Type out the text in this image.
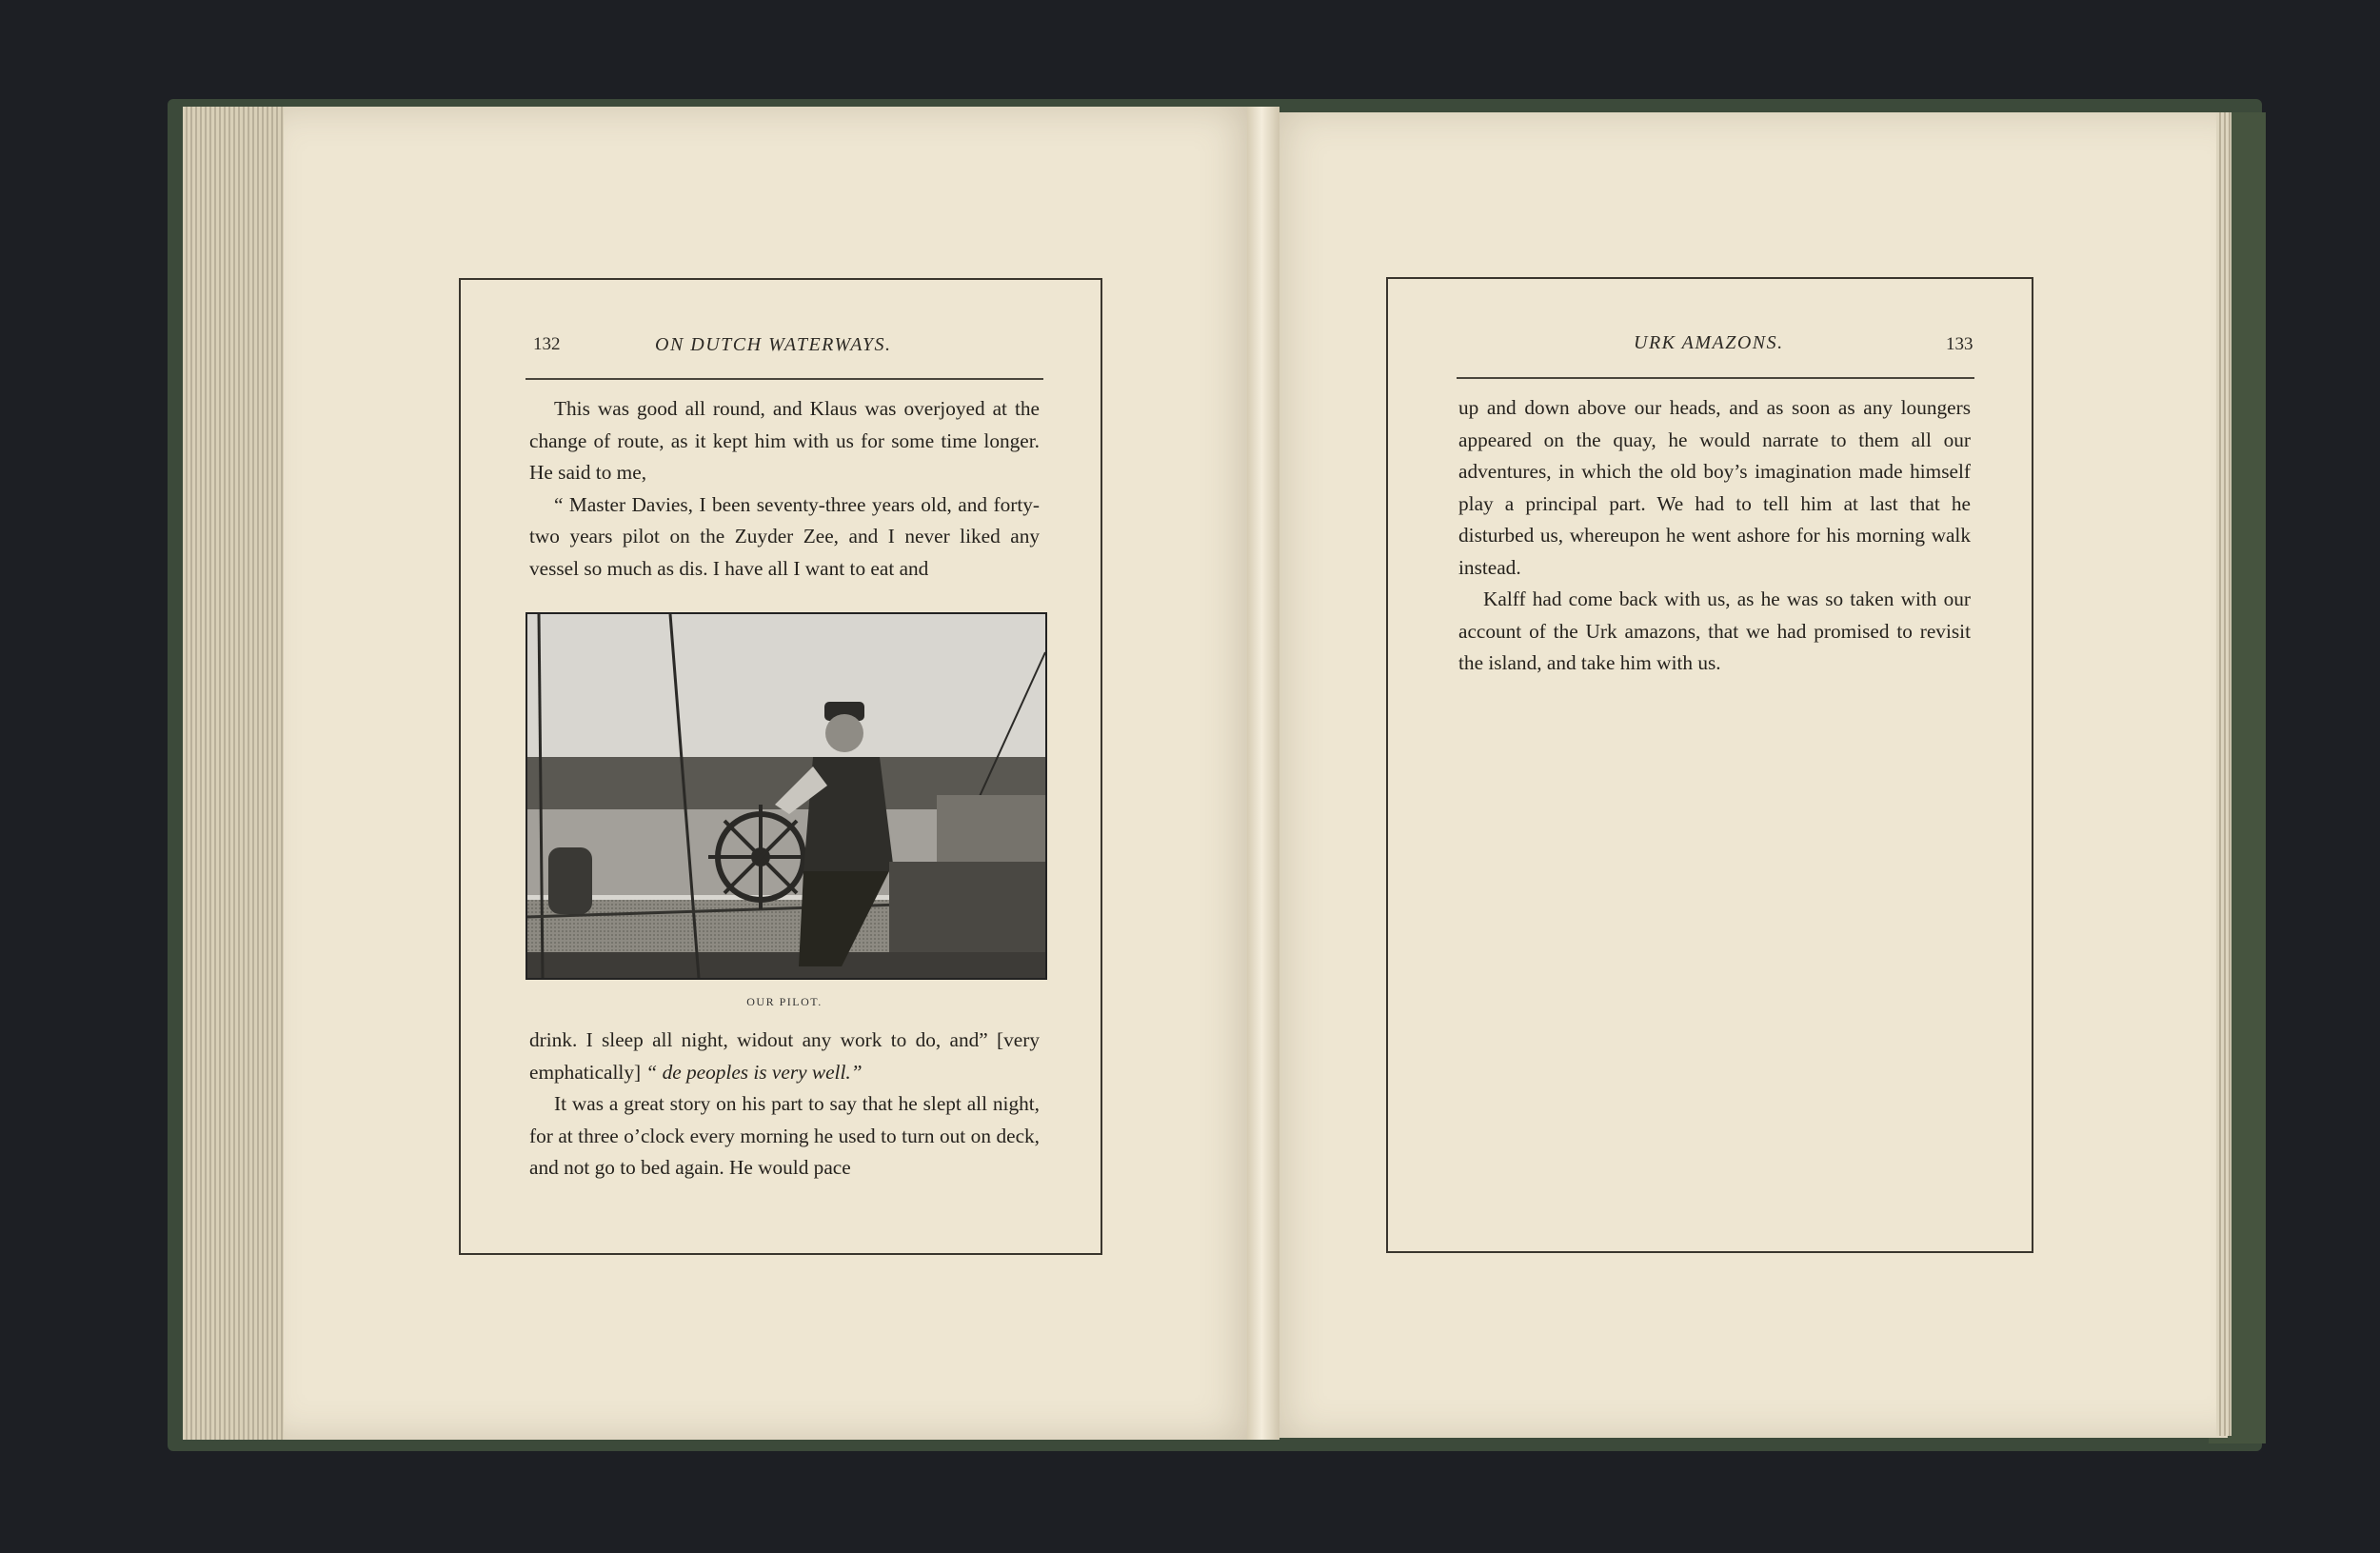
132	ON DUTCH WATERWAYS.

This was good all round, and Klaus was overjoyed at the change of route, as it kept him with us for some time longer. He said to me,

“ Master Davies, I been seventy-three years old, and forty-two years pilot on the Zuyder Zee, and I never liked any vessel so much as dis. I have all I want to eat and

OUR PILOT.

drink. I sleep all night, widout any work to do, and” [very emphatically] “ de peoples is very well.”

It was a great story on his part to say that he slept all night, for at three o’clock every morning he used to turn out on deck, and not go to bed again. He would pace

URK AMAZONS.	133

up and down above our heads, and as soon as any loungers appeared on the quay, he would narrate to them all our adventures, in which the old boy’s imagination made himself play a principal part. We had to tell him at last that he disturbed us, whereupon he went ashore for his morning walk instead.

Kalff had come back with us, as he was so taken with our account of the Urk amazons, that we had promised to revisit the island, and take him with us.
